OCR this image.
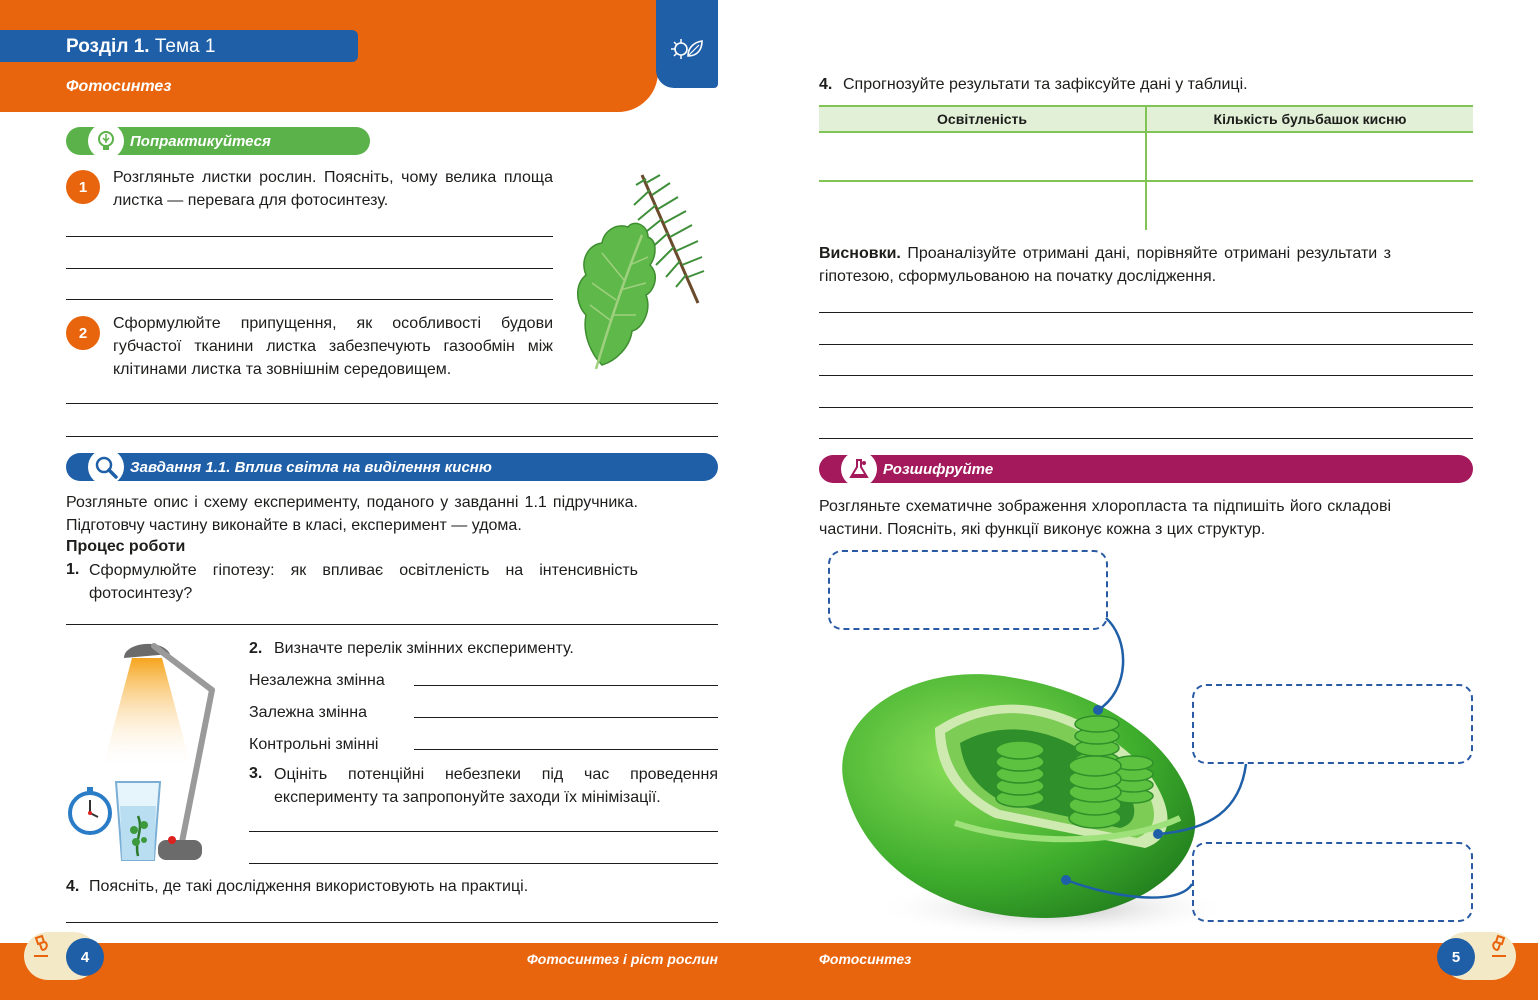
Розділ 1. Тема 1
Фотосинтез
Попрактикуйтеся
1

Розгляньте листки рослин. Поясніть, чому велика площа листка — перевага для фотосинтезу.

2

Сформулюйте припущення, як особливості будови губчастої тканини листка забезпечують газообмін між клітинами листка та зовнішнім середовищем.

Завдання 1.1. Вплив світла на виділення кисню

Розгляньте опис і схему експерименту, поданого у завданні 1.1 підручника. Підготовчу частину виконайте в класі, експеримент — удома.

Процес роботи
1. Сформулюйте гіпотезу: як впливає освітленість на інтенсивність фотосинтезу?

2. Визначте перелік змінних експерименту.
Незалежна змінна
Залежна змінна
Контрольні змінні
3. Оцініть потенційні небезпеки під час проведення експерименту та запропонуйте заходи їх мінімізації.

4. Поясніть, де такі дослідження використовують на практиці.
4. Спрогнозуйте результати та зафіксуйте дані у таблиці.
Освітленість	Кількість бульбашок кисню

Висновки. Проаналізуйте отримані дані, порівняйте отримані результати з гіпотезою, сформульованою на початку дослідження.

Розшифруйте

Розгляньте схематичне зображення хлоропласта та підпишіть його складові частини. Поясніть, які функції виконує кожна з цих структур.

4	Фотосинтез і ріст рослин	Фотосинтез	5
